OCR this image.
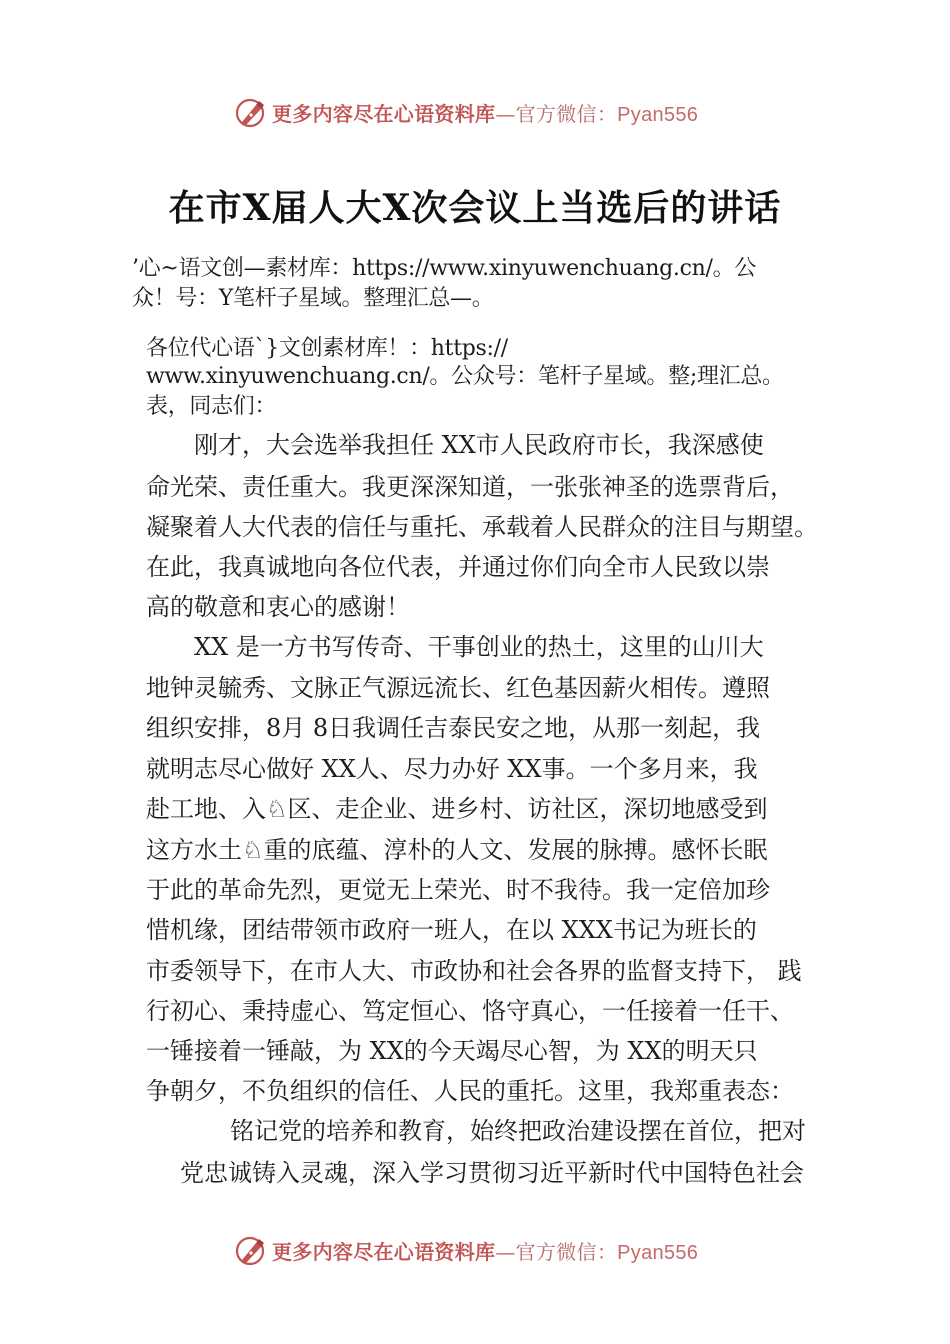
更多内容尽在心语资料库—官方微信：Pyan556
在市X届人大X次会议上当选后的讲话
’心~语文创—素材库：https://www.xinyuwenchuang.cn/。公
众！号：Y笔杆子星域。整理汇总—。
各位代心语`}文创素材库！：https://
www.xinyuwenchuang.cn/。公众号：笔杆子星域。整;理汇总。
表，同志们：
刚才，大会选举我担任 XX市人民政府市长，我深感使
命光荣、责任重大。我更深深知道，一张张神圣的选票背后，
凝聚着人大代表的信任与重托、承载着人民群众的注目与期望。
在此，我真诚地向各位代表，并通过你们向全市人民致以崇
高的敬意和衷心的感谢！
XX 是一方书写传奇、干事创业的热土，这里的山川大
地钟灵毓秀、文脉正气源远流长、红色基因薪火相传。遵照
组织安排，8月 8日我调任吉泰民安之地，从那一刻起，我
就明志尽心做好 XX人、尽力办好 XX事。一个多月来，我
赴工地、入♘区、走企业、进乡村、访社区，深切地感受到
这方水土♘重的底蕴、淳朴的人文、发展的脉搏。感怀长眠
于此的革命先烈，更觉无上荣光、时不我待。我一定倍加珍
惜机缘，团结带领市政府一班人，在以 XXX书记为班长的
市委领导下，在市人大、市政协和社会各界的监督支持下， 践
行初心、秉持虚心、笃定恒心、恪守真心，一任接着一任干、
一锤接着一锤敲，为 XX的今天竭尽心智，为 XX的明天只
争朝夕，不负组织的信任、人民的重托。这里，我郑重表态：
铭记党的培养和教育，始终把政治建设摆在首位，把对
党忠诚铸入灵魂，深入学习贯彻习近平新时代中国特色社会
更多内容尽在心语资料库—官方微信：Pyan556
